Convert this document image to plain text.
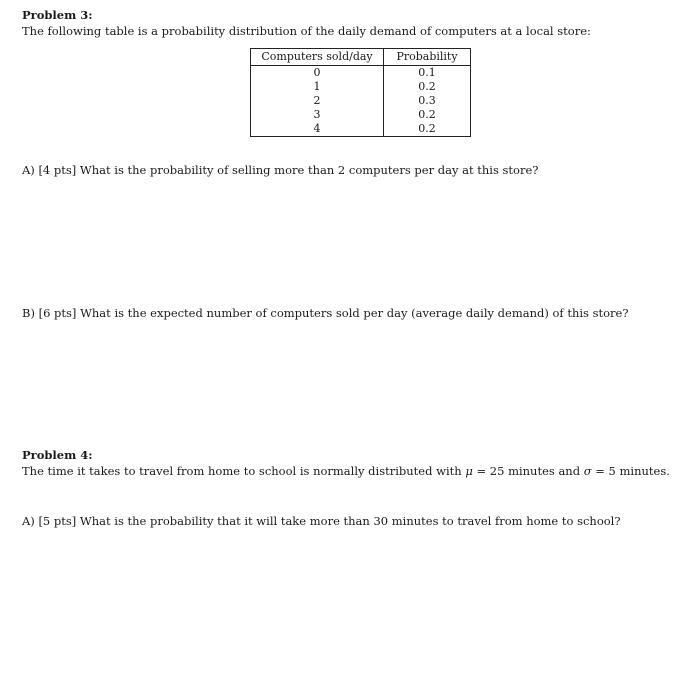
Problem 3:
The following table is a probability distribution of the daily demand of computers at a local store:
Computers sold/day	Probability
0	0.1
1	0.2
2	0.3
3	0.2
4	0.2
A) [4 pts] What is the probability of selling more than 2 computers per day at this store?
B) [6 pts] What is the expected number of computers sold per day (average daily demand) of this store?
Problem 4:
The time it takes to travel from home to school is normally distributed with μ = 25 minutes and σ = 5 minutes.
A) [5 pts] What is the probability that it will take more than 30 minutes to travel from home to school?
